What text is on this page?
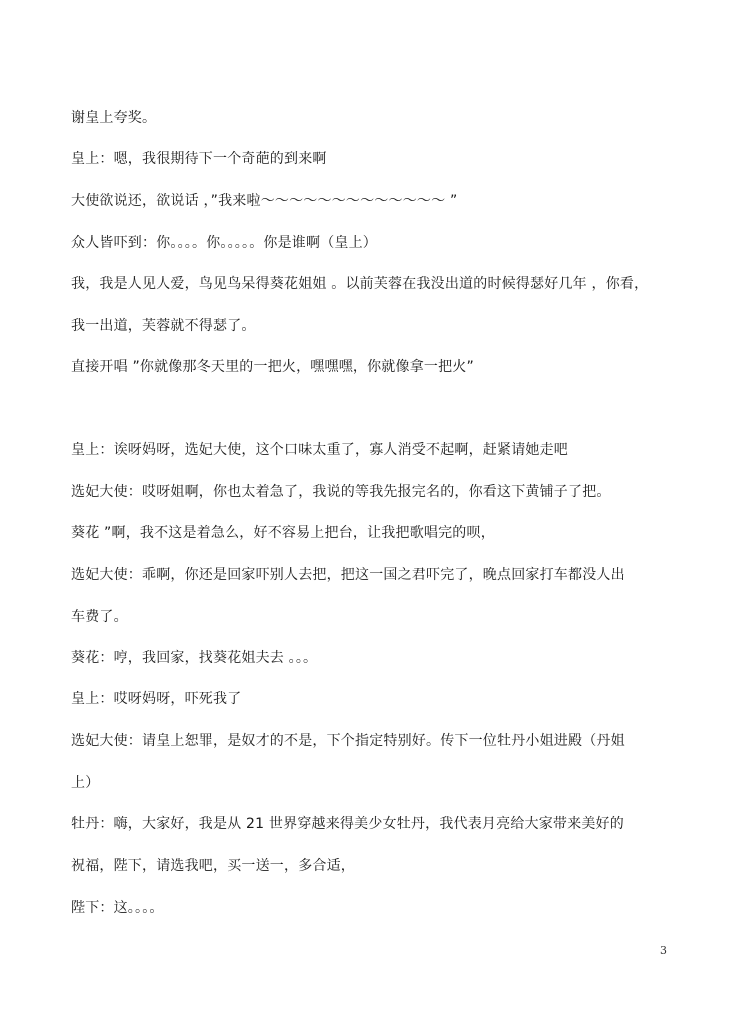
谢皇上夸奖。
皇上：嗯，我很期待下一个奇葩的到来啊
大使欲说还，欲说话 ，”我来啦～～～～～～～～～～～～～ ”
众人皆吓到：你。。。。你。。。。。你是谁啊（皇上）
我，我是人见人爱，鸟见鸟呆得葵花姐姐 。以前芙蓉在我没出道的时候得瑟好几年 ，你看，
我一出道，芙蓉就不得瑟了。
直接开唱 ”你就像那冬天里的一把火，嘿嘿嘿，你就像拿一把火”
皇上：诶呀妈呀，选妃大使，这个口味太重了，寡人消受不起啊，赶紧请她走吧
选妃大使：哎呀姐啊，你也太着急了，我说的等我先报完名的，你看这下黄铺子了把。
葵花 ”啊，我不这是着急么，好不容易上把台，让我把歌唱完的呗，
选妃大使：乖啊，你还是回家吓别人去把，把这一国之君吓完了，晚点回家打车都没人出
车费了。
葵花：哼，我回家，找葵花姐夫去 。。。
皇上：哎呀妈呀，吓死我了
选妃大使：请皇上恕罪，是奴才的不是，下个指定特别好。传下一位牡丹小姐进殿（丹姐
上）
牡丹：嗨，大家好，我是从 21 世界穿越来得美少女牡丹，我代表月亮给大家带来美好的
祝福，陛下，请选我吧，买一送一，多合适，
陛下：这。。。。
3
